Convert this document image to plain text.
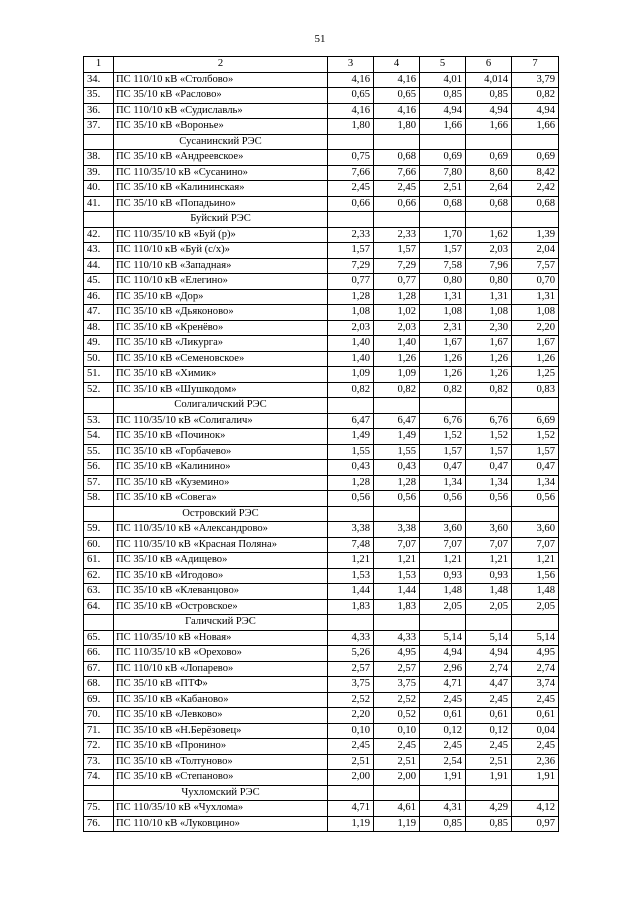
51
1	2	3	4	5	6	7
34.	ПС 110/10 кВ «Столбово»	4,16	4,16	4,01	4,014	3,79
35.	ПС 35/10 кВ «Раслово»	0,65	0,65	0,85	0,85	0,82
36.	ПС 110/10 кВ «Судиславль»	4,16	4,16	4,94	4,94	4,94
37.	ПС 35/10 кВ «Воронье»	1,80	1,80	1,66	1,66	1,66
	Сусанинский РЭС					
38.	ПС 35/10 кВ «Андреевское»	0,75	0,68	0,69	0,69	0,69
39.	ПС 110/35/10 кВ «Сусанино»	7,66	7,66	7,80	8,60	8,42
40.	ПС 35/10 кВ «Калининская»	2,45	2,45	2,51	2,64	2,42
41.	ПС 35/10 кВ «Попадьино»	0,66	0,66	0,68	0,68	0,68
	Буйский РЭС					
42.	ПС 110/35/10 кВ «Буй (р)»	2,33	2,33	1,70	1,62	1,39
43.	ПС 110/10 кВ «Буй (с/х)»	1,57	1,57	1,57	2,03	2,04
44.	ПС 110/10 кВ «Западная»	7,29	7,29	7,58	7,96	7,57
45.	ПС 110/10 кВ «Елегино»	0,77	0,77	0,80	0,80	0,70
46.	ПС 35/10 кВ «Дор»	1,28	1,28	1,31	1,31	1,31
47.	ПС 35/10 кВ «Дьяконово»	1,08	1,02	1,08	1,08	1,08
48.	ПС 35/10 кВ «Кренёво»	2,03	2,03	2,31	2,30	2,20
49.	ПС 35/10 кВ «Ликурга»	1,40	1,40	1,67	1,67	1,67
50.	ПС 35/10 кВ «Семеновское»	1,40	1,26	1,26	1,26	1,26
51.	ПС 35/10 кВ «Химик»	1,09	1,09	1,26	1,26	1,25
52.	ПС 35/10 кВ «Шушкодом»	0,82	0,82	0,82	0,82	0,83
	Солигаличский РЭС					
53.	ПС 110/35/10 кВ «Солигалич»	6,47	6,47	6,76	6,76	6,69
54.	ПС 35/10 кВ «Починок»	1,49	1,49	1,52	1,52	1,52
55.	ПС 35/10 кВ «Горбачево»	1,55	1,55	1,57	1,57	1,57
56.	ПС 35/10 кВ «Калинино»	0,43	0,43	0,47	0,47	0,47
57.	ПС 35/10 кВ «Куземино»	1,28	1,28	1,34	1,34	1,34
58.	ПС 35/10 кВ «Совега»	0,56	0,56	0,56	0,56	0,56
	Островский РЭС					
59.	ПС 110/35/10 кВ «Александрово»	3,38	3,38	3,60	3,60	3,60
60.	ПС 110/35/10 кВ «Красная Поляна»	7,48	7,07	7,07	7,07	7,07
61.	ПС 35/10 кВ «Адищево»	1,21	1,21	1,21	1,21	1,21
62.	ПС 35/10 кВ «Игодово»	1,53	1,53	0,93	0,93	1,56
63.	ПС 35/10 кВ «Клеванцово»	1,44	1,44	1,48	1,48	1,48
64.	ПС 35/10 кВ «Островское»	1,83	1,83	2,05	2,05	2,05
	Галичский РЭС					
65.	ПС 110/35/10 кВ «Новая»	4,33	4,33	5,14	5,14	5,14
66.	ПС 110/35/10 кВ «Орехово»	5,26	4,95	4,94	4,94	4,95
67.	ПС 110/10 кВ «Лопарево»	2,57	2,57	2,96	2,74	2,74
68.	ПС 35/10 кВ «ПТФ»	3,75	3,75	4,71	4,47	3,74
69.	ПС 35/10 кВ «Кабаново»	2,52	2,52	2,45	2,45	2,45
70.	ПС 35/10 кВ «Левково»	2,20	0,52	0,61	0,61	0,61
71.	ПС 35/10 кВ «Н.Берёзовец»	0,10	0,10	0,12	0,12	0,04
72.	ПС 35/10 кВ «Пронино»	2,45	2,45	2,45	2,45	2,45
73.	ПС 35/10 кВ «Толтуново»	2,51	2,51	2,54	2,51	2,36
74.	ПС 35/10 кВ «Степаново»	2,00	2,00	1,91	1,91	1,91
	Чухломский РЭС					
75.	ПС 110/35/10 кВ «Чухлома»	4,71	4,61	4,31	4,29	4,12
76.	ПС 110/10 кВ «Луковцино»	1,19	1,19	0,85	0,85	0,97
